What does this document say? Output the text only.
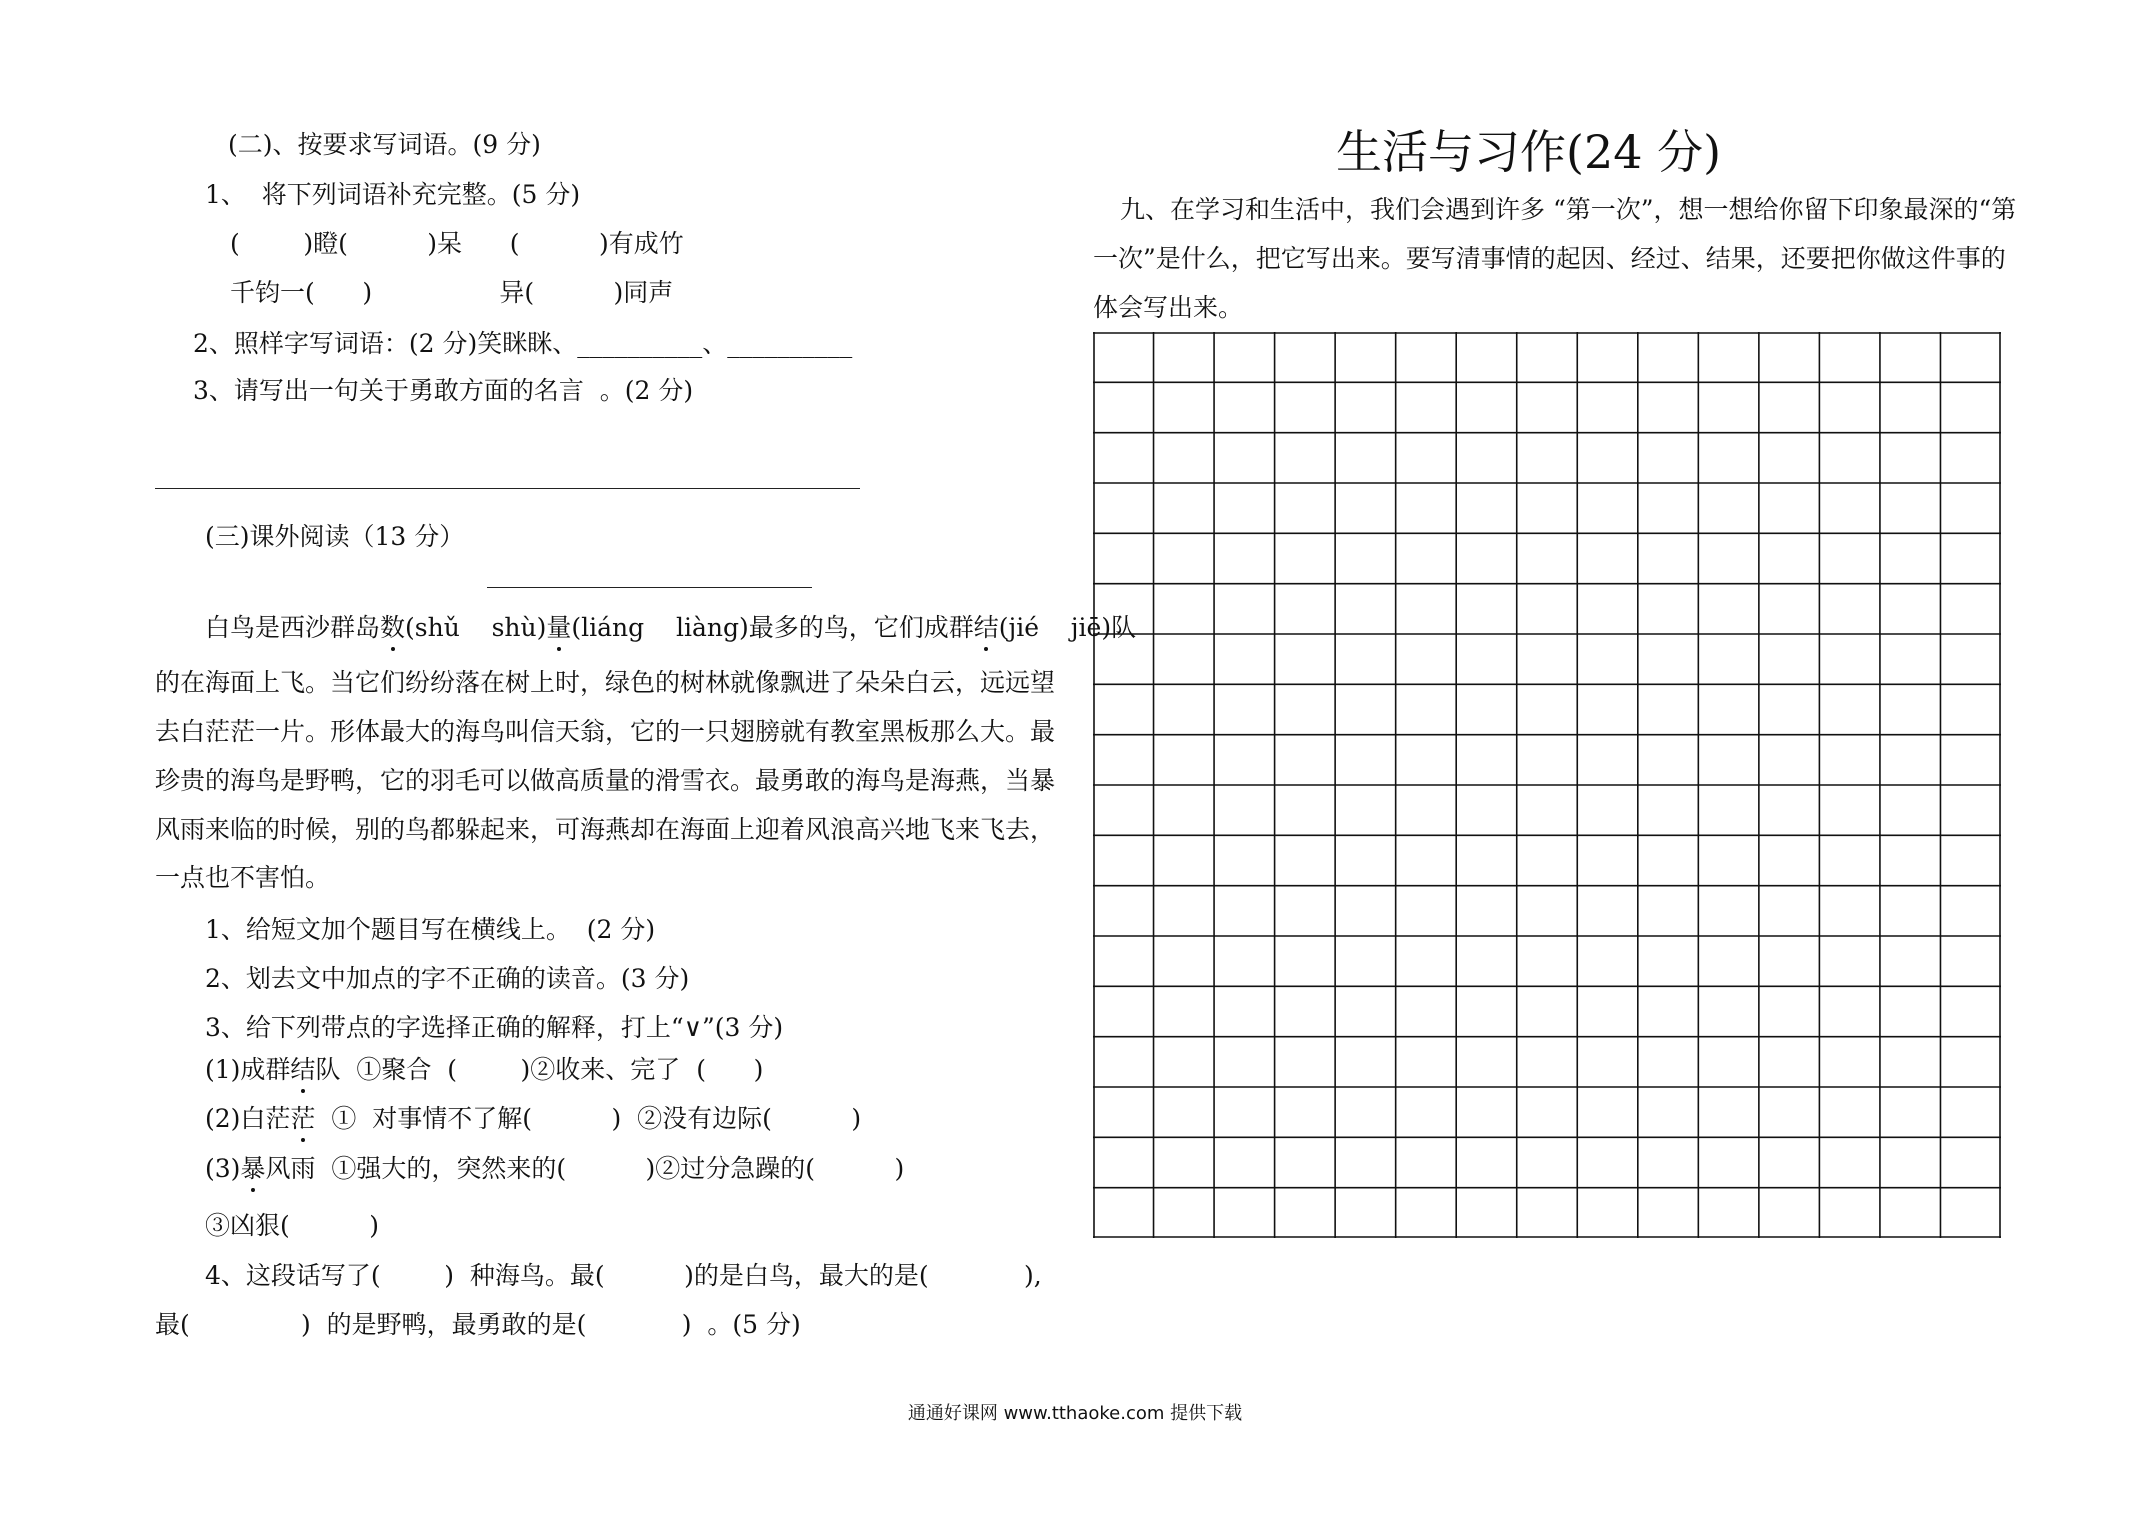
(二)、按要求写词语。(9 分)
1、  将下列词语补充完整。(5 分)
(        )瞪(          )呆      (          )有成竹
千钧一(      )                异(          )同声
2、照样字写词语：(2 分)笑眯眯、__________、__________
3、请写出一句关于勇敢方面的名言  。(2 分)
(三)课外阅读（13 分）
白鸟是西沙群岛数(shǔ    shù)量(liáng    liàng)最多的鸟，它们成群结(jié    jiē)队
的在海面上飞。当它们纷纷落在树上时，绿色的树林就像飘进了朵朵白云，远远望
去白茫茫一片。形体最大的海鸟叫信天翁，它的一只翅膀就有教室黑板那么大。最
珍贵的海鸟是野鸭，它的羽毛可以做高质量的滑雪衣。最勇敢的海鸟是海燕，当暴
风雨来临的时候，别的鸟都躲起来，可海燕却在海面上迎着风浪高兴地飞来飞去，
一点也不害怕。
1、给短文加个题目写在横线上。  (2 分)
2、划去文中加点的字不正确的读音。(3 分)
3、给下列带点的字选择正确的解释，打上“∨”(3 分)
(1)成群结队  ①聚合  (        )②收来、完了  (      )
(2)白茫茫  ①  对事情不了解(          )  ②没有边际(          )
(3)暴风雨  ①强大的，突然来的(          )②过分急躁的(          )
③凶狠(          )
4、这段话写了(        )  种海鸟。最(          )的是白鸟，最大的是(            ),
最(              )  的是野鸭，最勇敢的是(            )  。(5 分)
生活与习作(24 分)
九、在学习和生活中，我们会遇到许多 “第一次”，想一想给你留下印象最深的“第
一次”是什么，把它写出来。要写清事情的起因、经过、结果，还要把你做这件事的
体会写出来。
通通好课网 www.tthaoke.com 提供下载
